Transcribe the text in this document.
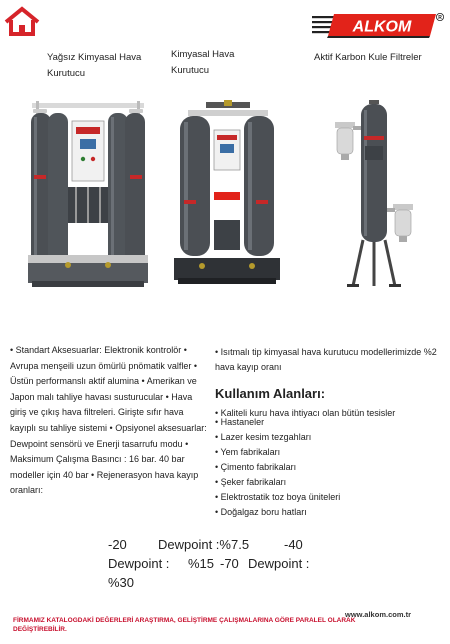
ALKOM
R
Yağsız Kimyasal Hava Kurutucu
Kimyasal Hava Kurutucu
Aktif Karbon Kule Filtreler
• Standart Aksesuarlar: Elektronik kontrolör • Avrupa menşeili uzun ömürlü pnömatik valfler • Üstün performanslı aktif alumina • Amerikan ve Japon malı tahliye havası susturucular • Hava giriş ve çıkış hava filtreleri. Girişte sıfır hava kayıplı su tahliye sistemi • Opsiyonel aksesuarlar: Dewpoint sensörü ve Enerji tasarrufu modu • Maksimum Çalışma Basıncı : 16 bar. 40 bar modeller için 40 bar • Rejenerasyon hava kayıp oranları:

• Isıtmalı tip kimyasal hava kurutucu modellerimizde %2 hava kayıp oranı

Kullanım Alanları:
• Kaliteli kuru hava ihtiyacı olan bütün tesisler
• Hastaneler
• Lazer kesim tezgahları
• Yem fabrikaları
• Çimento fabrikaları
• Şeker fabrikaları
• Elektrostatik toz boya üniteleri
• Doğalgaz boru hatları
-20 Dewpoint :%7.5	-40
Dewpoint : %15 -70 Dewpoint :
%30
www.alkom.com.tr

FİRMAMIZ KATALOGDAKİ DEĞERLERİ ARAŞTIRMA, GELİŞTİRME ÇALIŞMALARINA GÖRE PARALEL OLARAK DEĞİŞTİREBİLİR.
